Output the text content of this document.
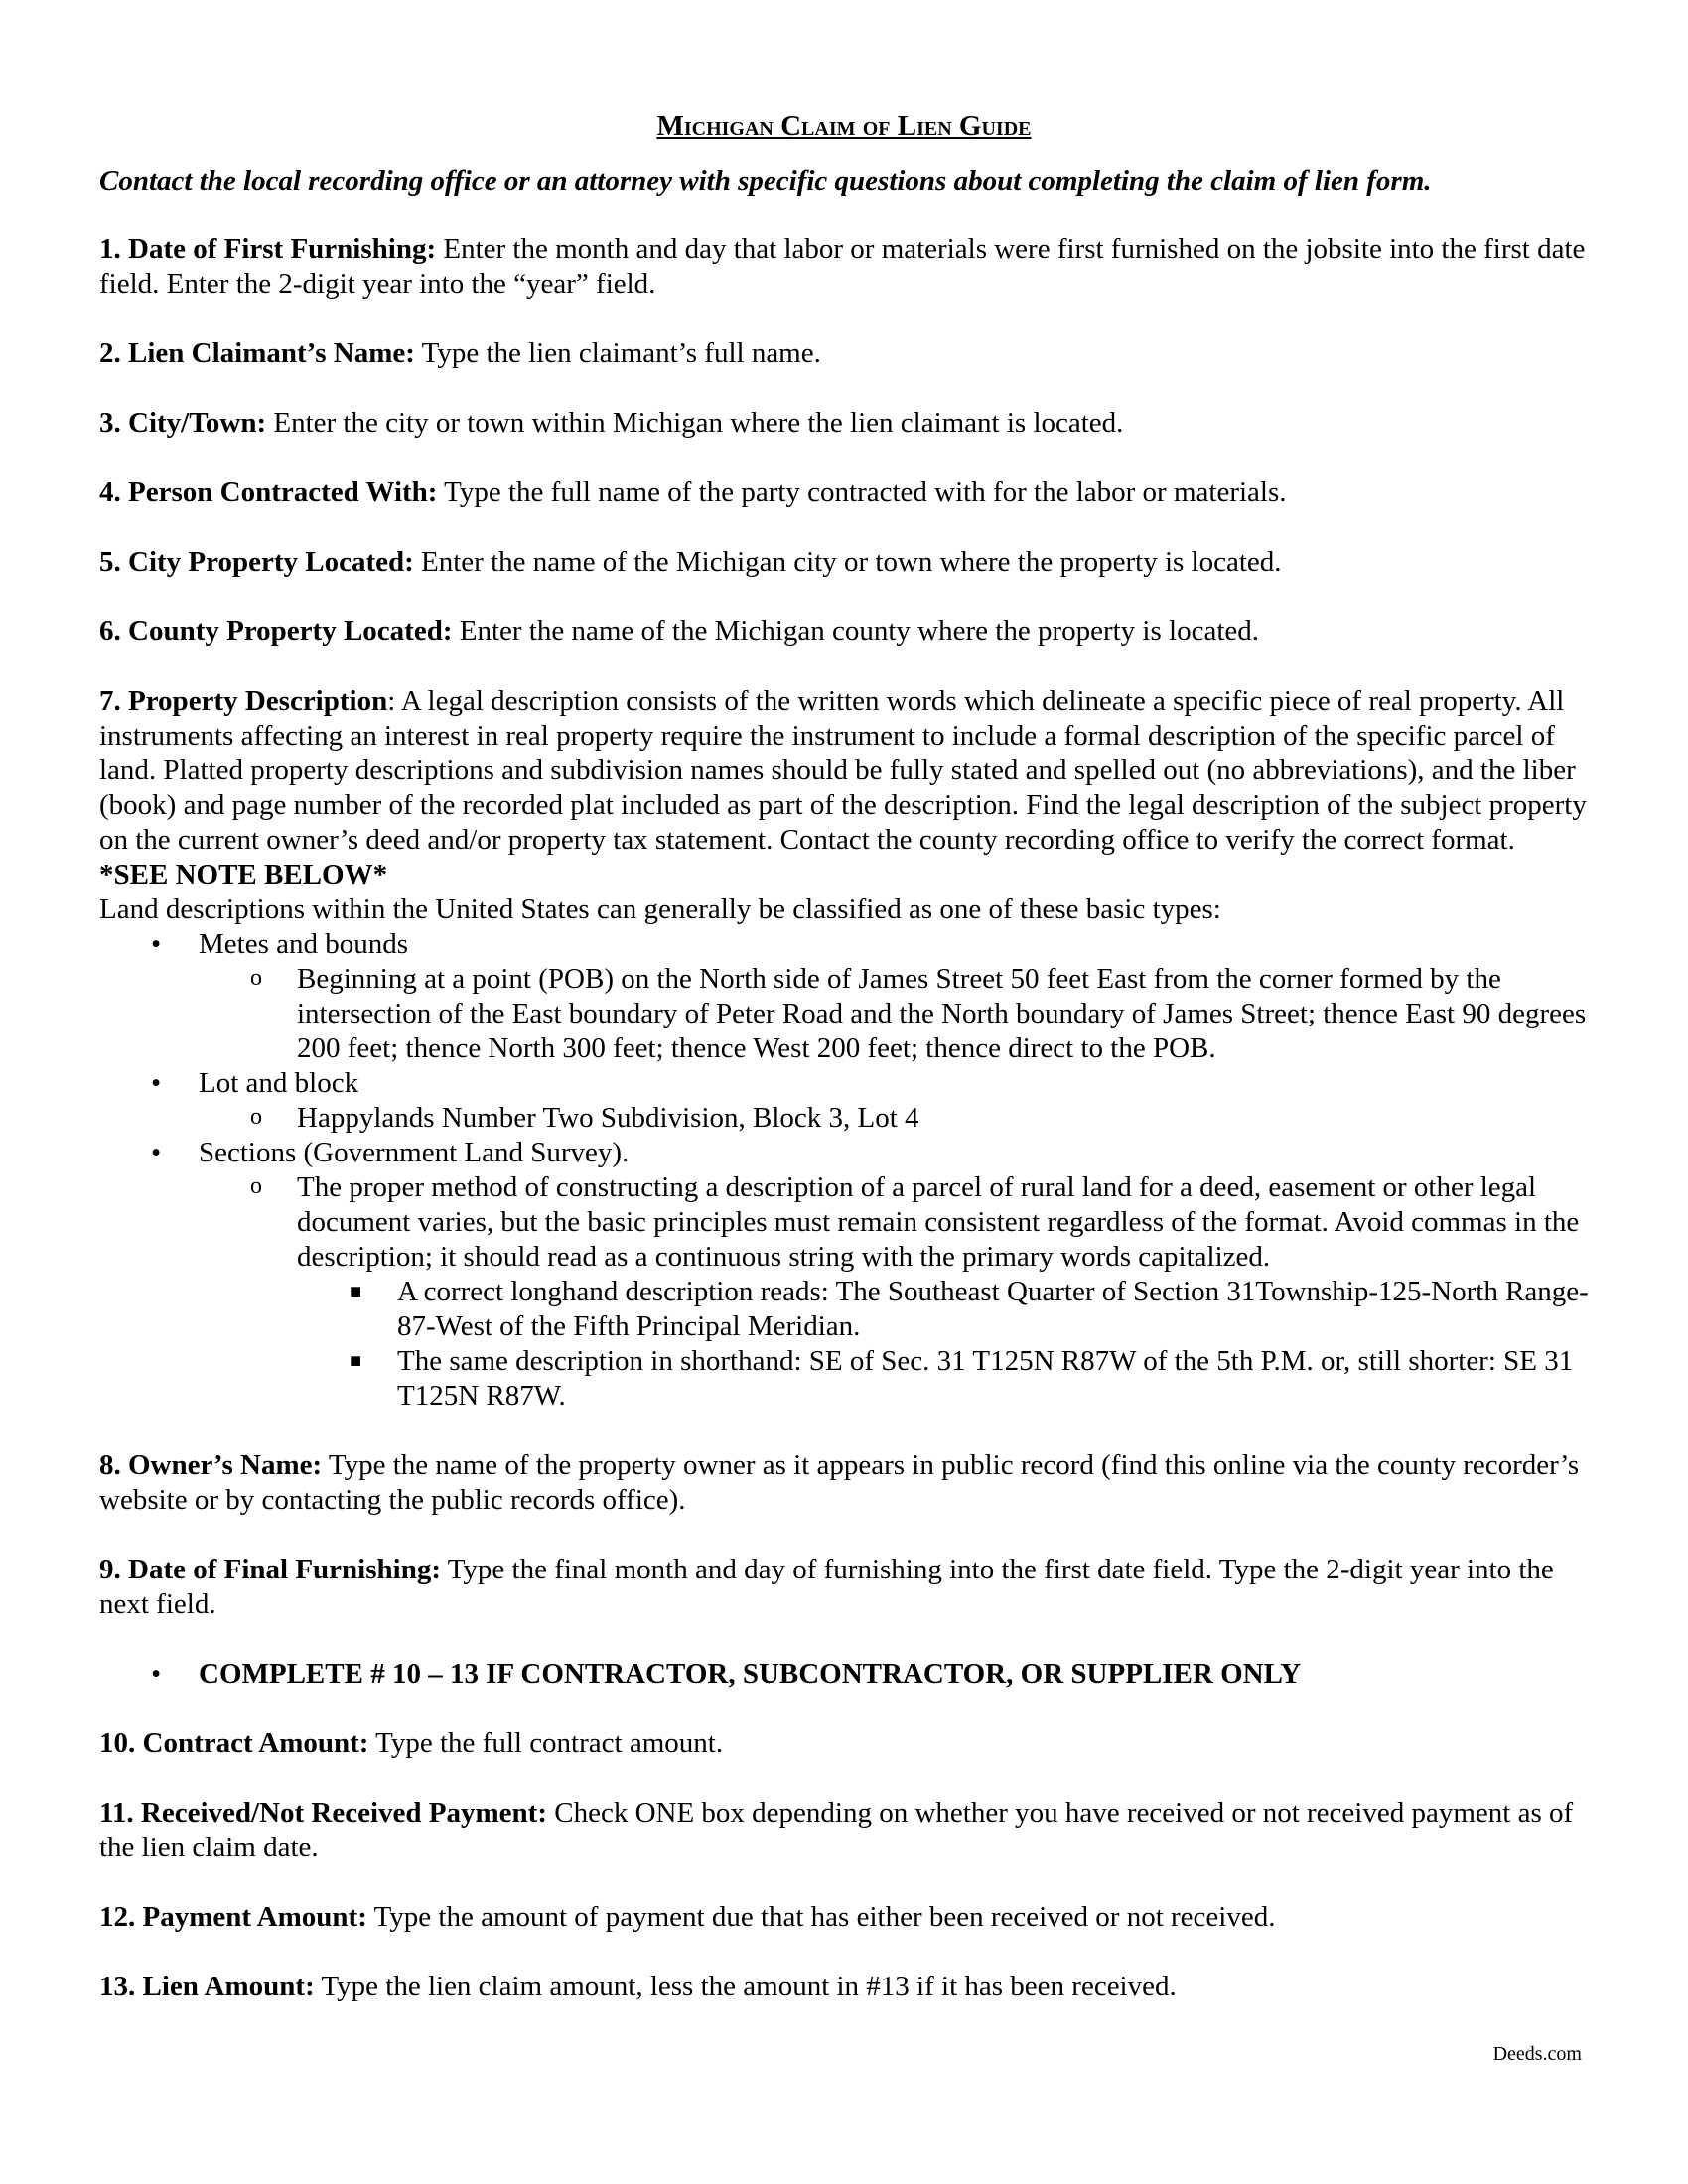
Michigan Claim of Lien Guide
Contact the local recording office or an attorney with specific questions about completing the claim of lien form.
1. Date of First Furnishing: Enter the month and day that labor or materials were first furnished on the jobsite into the first date field. Enter the 2-digit year into the “year” field.
2. Lien Claimant’s Name: Type the lien claimant’s full name.
3. City/Town: Enter the city or town within Michigan where the lien claimant is located.
4. Person Contracted With: Type the full name of the party contracted with for the labor or materials.
5. City Property Located: Enter the name of the Michigan city or town where the property is located.
6. County Property Located: Enter the name of the Michigan county where the property is located.
7. Property Description: A legal description consists of the written words which delineate a specific piece of real property. All instruments affecting an interest in real property require the instrument to include a formal description of the specific parcel of land. Platted property descriptions and subdivision names should be fully stated and spelled out (no abbreviations), and the liber (book) and page number of the recorded plat included as part of the description. Find the legal description of the subject property on the current owner’s deed and/or property tax statement. Contact the county recording office to verify the correct format. *SEE NOTE BELOW*
Land descriptions within the United States can generally be classified as one of these basic types:
• Metes and bounds
o Beginning at a point (POB) on the North side of James Street 50 feet East from the corner formed by the intersection of the East boundary of Peter Road and the North boundary of James Street; thence East 90 degrees 200 feet; thence North 300 feet; thence West 200 feet; thence direct to the POB.
• Lot and block
o Happylands Number Two Subdivision, Block 3, Lot 4
• Sections (Government Land Survey).
o The proper method of constructing a description of a parcel of rural land for a deed, easement or other legal document varies, but the basic principles must remain consistent regardless of the format. Avoid commas in the description; it should read as a continuous string with the primary words capitalized.
■ A correct longhand description reads: The Southeast Quarter of Section 31Township-125-North Range-87-West of the Fifth Principal Meridian.
■ The same description in shorthand: SE of Sec. 31 T125N R87W of the 5th P.M. or, still shorter: SE 31 T125N R87W.
8. Owner’s Name: Type the name of the property owner as it appears in public record (find this online via the county recorder’s website or by contacting the public records office).
9. Date of Final Furnishing: Type the final month and day of furnishing into the first date field. Type the 2-digit year into the next field.
• COMPLETE # 10 – 13 IF CONTRACTOR, SUBCONTRACTOR, OR SUPPLIER ONLY
10. Contract Amount: Type the full contract amount.
11. Received/Not Received Payment: Check ONE box depending on whether you have received or not received payment as of the lien claim date.
12. Payment Amount: Type the amount of payment due that has either been received or not received.
13. Lien Amount: Type the lien claim amount, less the amount in #13 if it has been received.
Deeds.com
